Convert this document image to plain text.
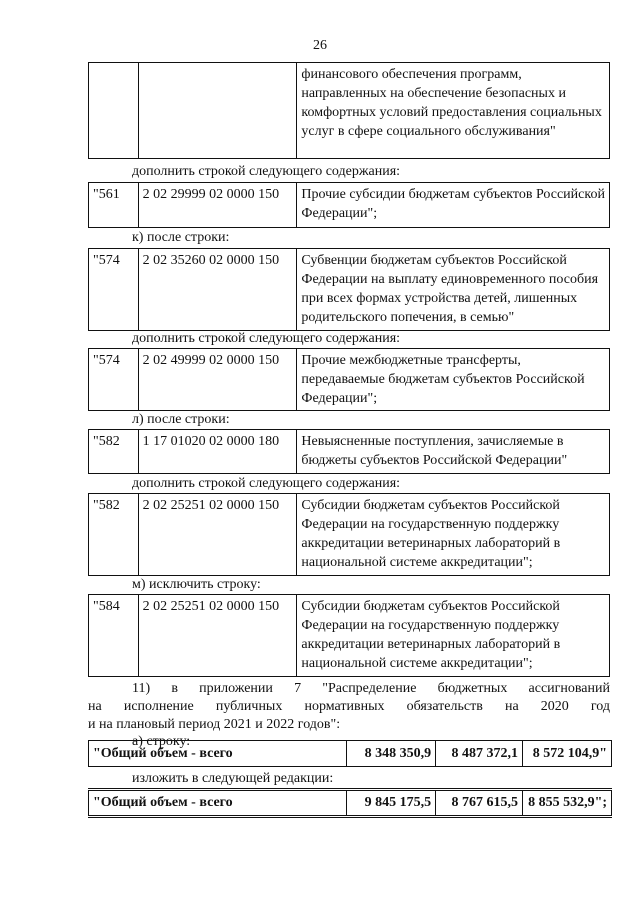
26
		финансового обеспечения программ, направленных на обеспечение безопасных и комфортных условий предоставления социальных услуг в сфере социального обслуживания"
дополнить строкой следующего содержания:
"561	2 02 29999 02 0000 150	Прочие субсидии бюджетам субъектов Российской Федерации";
к) после строки:
"574	2 02 35260 02 0000 150	Субвенции бюджетам субъектов Российской Федерации на выплату единовременного пособия при всех формах устройства детей, лишенных родительского попечения, в семью"
дополнить строкой следующего содержания:
"574	2 02 49999 02 0000 150	Прочие межбюджетные трансферты, передаваемые бюджетам субъектов Российской Федерации";
л) после строки:
"582	1 17 01020 02 0000 180	Невыясненные поступления, зачисляемые в бюджеты субъектов Российской Федерации"
дополнить строкой следующего содержания:
"582	2 02 25251 02 0000 150	Субсидии бюджетам субъектов Российской Федерации на государственную поддержку аккредитации ветеринарных лабораторий в национальной системе аккредитации";
м) исключить строку:
"584	2 02 25251 02 0000 150	Субсидии бюджетам субъектов Российской Федерации на государственную поддержку аккредитации ветеринарных лабораторий в национальной системе аккредитации";
11) в приложении 7 "Распределение бюджетных ассигнований
на исполнение публичных нормативных обязательств на 2020 год
и на плановый период 2021 и 2022 годов":
а) строку:
"Общий объем - всего	8 348 350,9	8 487 372,1	8 572 104,9"
изложить в следующей редакции:
"Общий объем - всего	9 845 175,5	8 767 615,5	8 855 532,9";
